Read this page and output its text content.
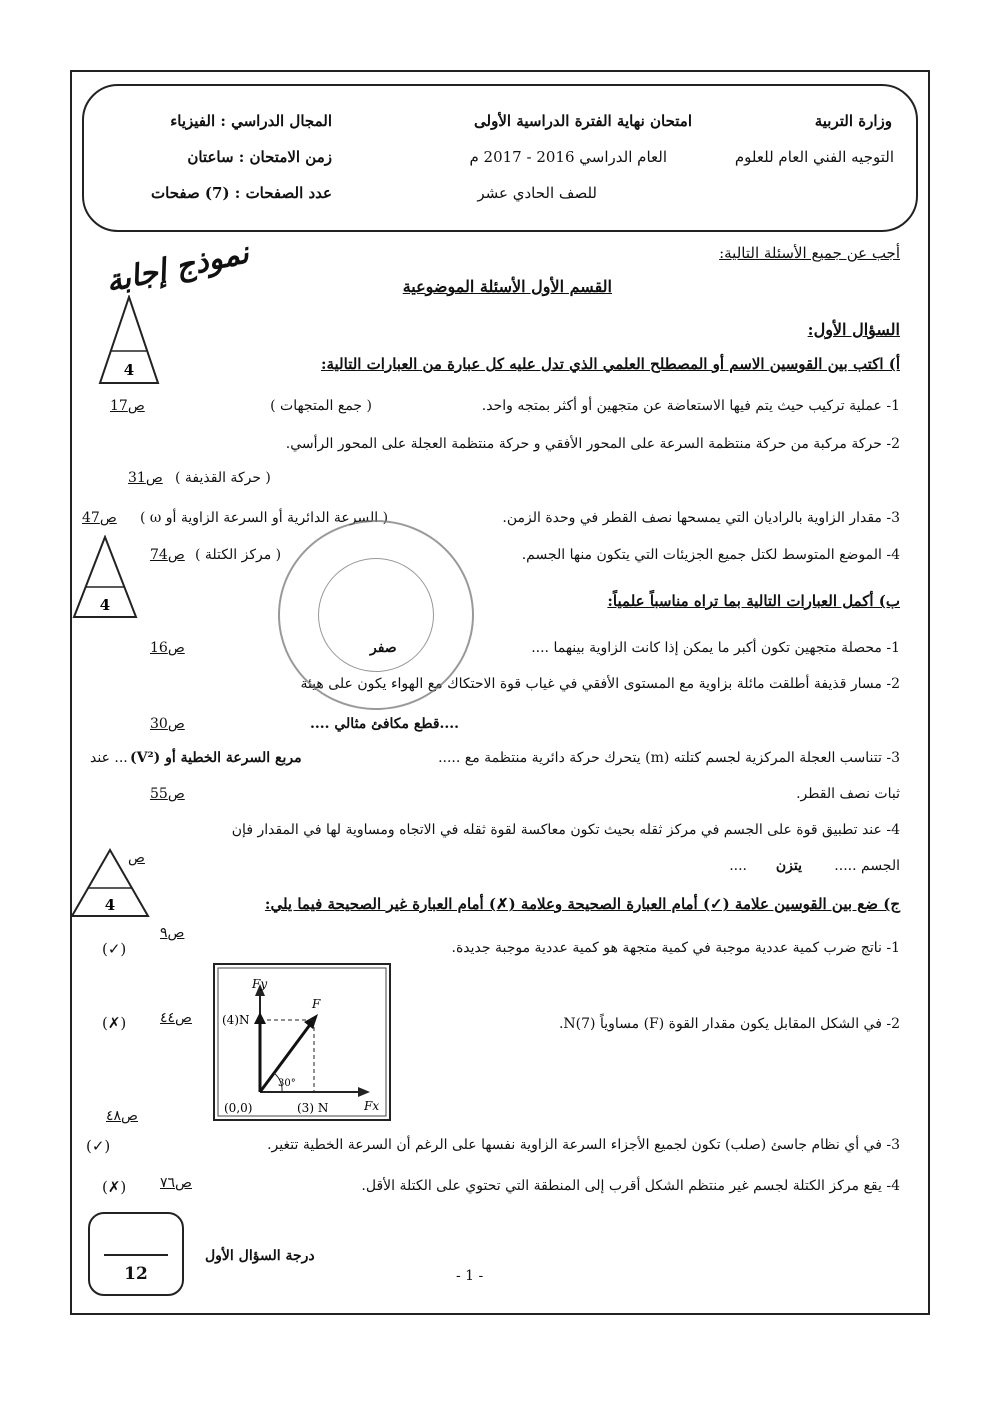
وزارة التربية
امتحان نهاية الفترة الدراسية الأولى
المجال الدراسي : الفيزياء
التوجيه الفني العام للعلوم
العام الدراسي 2016 - 2017 م
زمن الامتحان : ساعتان
للصف الحادي عشر
عدد الصفحات : (7) صفحات
أجب عن جميع الأسئلة التالية:
نموذج إجابة	القسم الأول الأسئلة الموضوعية
السؤال الأول:
4	أ) اكتب بين القوسين الاسم أو المصطلح العلمي الذي تدل عليه كل عبارة من العبارات التالية:
1- عملية تركيب حيث يتم فيها الاستعاضة عن متجهين أو أكثر بمتجه واحد.
( جمع المتجهات )
ص17
2- حركة مركبة من حركة منتظمة السرعة على المحور الأفقي و حركة منتظمة العجلة على المحور الرأسي.
( حركة القذيفة )
ص31
3- مقدار الزاوية بالراديان التي يمسحها نصف القطر في وحدة الزمن.
( السرعة الدائرية أو السرعة الزاوية أو ω )
ص47
4- الموضع المتوسط لكتل جميع الجزيئات التي يتكون منها الجسم.
( مركز الكتلة )
ص74
4	ب) أكمل العبارات التالية بما تراه مناسباً علمياً:
1- محصلة متجهين تكون أكبر ما يمكن إذا كانت الزاوية بينهما ....
صفر
ص16
2- مسار قذيفة أطلقت مائلة بزاوية مع المستوى الأفقي في غياب قوة الاحتكاك مع الهواء يكون على هيئة
....قطع مكافئ مثالي ....
ص30
3- تتناسب العجلة المركزية لجسم كتلته (m) يتحرك حركة دائرية منتظمة مع .....
مربع السرعة الخطية أو (V²)
... عند
ثبات نصف القطر.
ص55
4- عند تطبيق قوة على الجسم في مركز ثقله بحيث تكون معاكسة لقوة ثقله في الاتجاه ومساوية لها في المقدار فإن
الجسم .....
يتزن
....
ص
4	ج) ضع بين القوسين علامة (✓) أمام العبارة الصحيحة وعلامة (✗) أمام العبارة غير الصحيحة فيما يلي:
1- ناتج ضرب كمية عددية موجبة في كمية متجهة هو كمية عددية موجبة جديدة.
(✓)
ص٩
2- في الشكل المقابل يكون مقدار القوة (F) مساوياً N(7).
(✗) ص٤٤
30°
Fy
F
Fx
(4)N
(3) N
(0,0)
3- في أي نظام جاسئ (صلب) تكون لجميع الأجزاء السرعة الزاوية نفسها على الرغم أن السرعة الخطية تتغير.
(✓)
ص٤٨
4- يقع مركز الكتلة لجسم غير منتظم الشكل أقرب إلى المنطقة التي تحتوي على الكتلة الأقل.
(✗) ص٧٦
12
درجة السؤال الأول
- 1 -
